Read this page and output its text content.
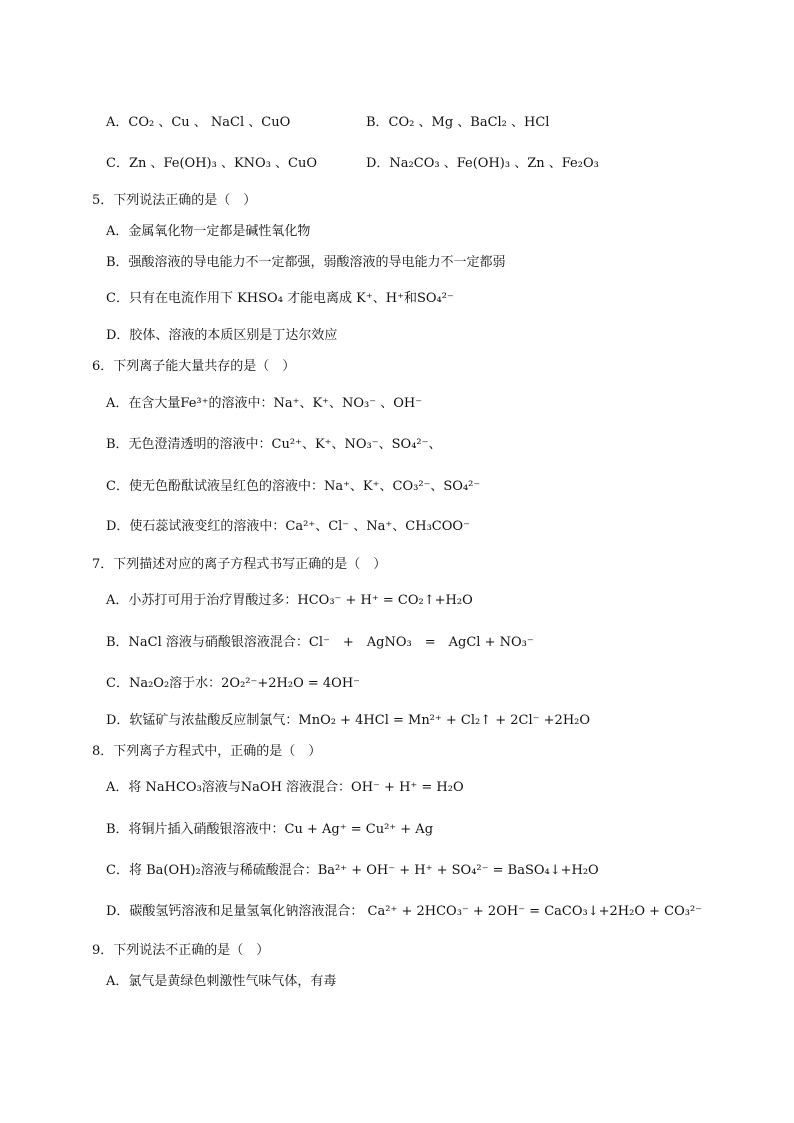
A．CO₂ 、Cu 、 NaCl 、CuO	B．CO₂ 、Mg 、BaCl₂ 、HCl
C．Zn 、Fe(OH)₃ 、KNO₃ 、CuO	D．Na₂CO₃ 、Fe(OH)₃ 、Zn 、Fe₂O₃
5．下列说法正确的是（　）
A．金属氧化物一定都是碱性氧化物
B．强酸溶液的导电能力不一定都强，弱酸溶液的导电能力不一定都弱
C．只有在电流作用下 KHSO₄ 才能电离成 K⁺、H⁺和SO₄²⁻
D．胶体、溶液的本质区别是丁达尔效应
6．下列离子能大量共存的是（　）
A．在含大量Fe³⁺的溶液中：Na⁺、K⁺、NO₃⁻ 、OH⁻
B．无色澄清透明的溶液中：Cu²⁺、K⁺、NO₃⁻、SO₄²⁻、
C．使无色酚酞试液呈红色的溶液中：Na⁺、K⁺、CO₃²⁻、SO₄²⁻
D．使石蕊试液变红的溶液中：Ca²⁺、Cl⁻ 、Na⁺、CH₃COO⁻
7．下列描述对应的离子方程式书写正确的是（　）
A．小苏打可用于治疗胃酸过多：HCO₃⁻ + H⁺ = CO₂↑+H₂O
B．NaCl 溶液与硝酸银溶液混合：Cl⁻　+　AgNO₃　=　AgCl + NO₃⁻
C．Na₂O₂溶于水：2O₂²⁻+2H₂O = 4OH⁻
D．软锰矿与浓盐酸反应制氯气：MnO₂ + 4HCl = Mn²⁺ + Cl₂↑ + 2Cl⁻ +2H₂O
8．下列离子方程式中，正确的是（　）
A．将 NaHCO₃溶液与NaOH 溶液混合：OH⁻ + H⁺ = H₂O
B．将铜片插入硝酸银溶液中：Cu + Ag⁺ = Cu²⁺ + Ag
C．将 Ba(OH)₂溶液与稀硫酸混合：Ba²⁺ + OH⁻ + H⁺ + SO₄²⁻ = BaSO₄↓+H₂O
D．碳酸氢钙溶液和足量氢氧化钠溶液混合： Ca²⁺ + 2HCO₃⁻ + 2OH⁻ = CaCO₃↓+2H₂O + CO₃²⁻
9．下列说法不正确的是（　）
A．氯气是黄绿色刺激性气味气体，有毒
